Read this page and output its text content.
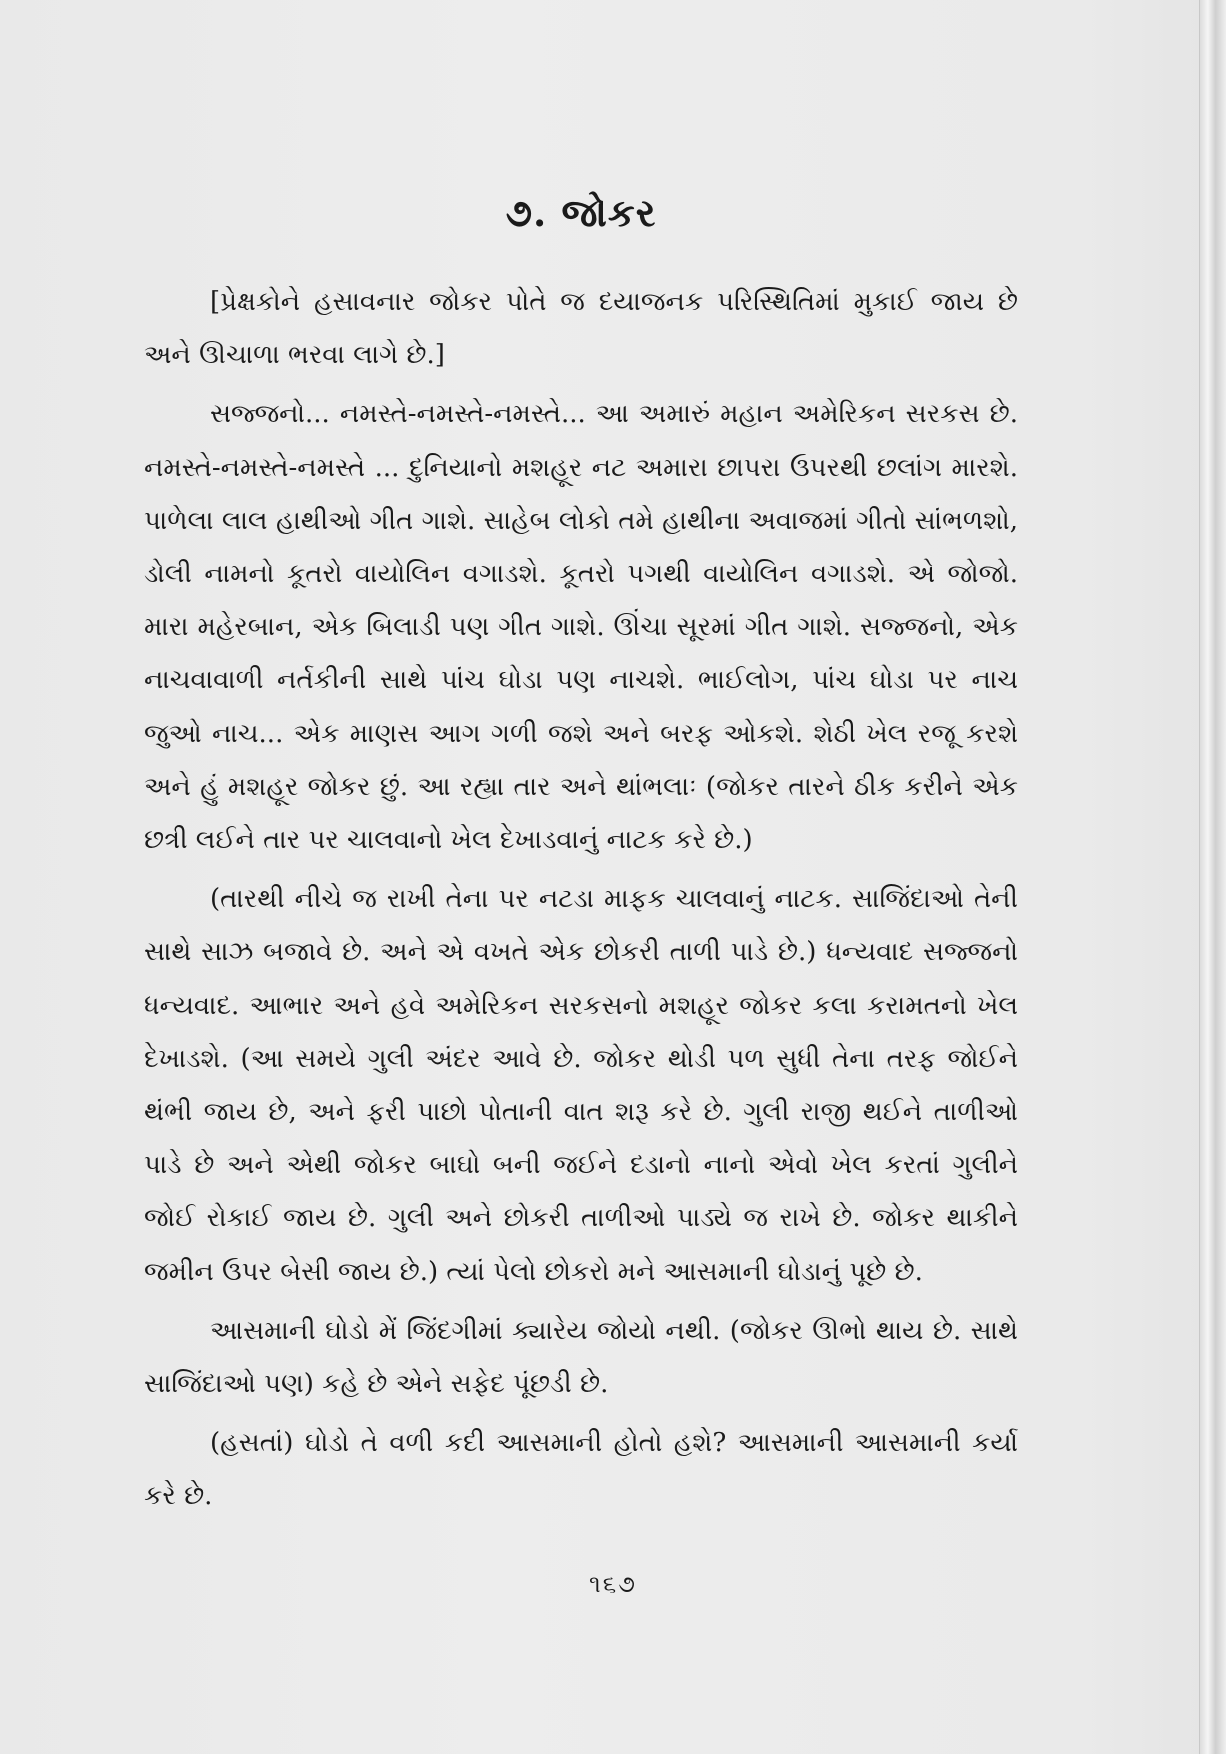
૭. જોકર

[પ્રેક્ષકોને હસાવનાર જોકર પોતે જ દયાજનક પરિસ્થિતિમાં મુકાઈ જાય છે અને ઊચાળા ભરવા લાગે છે.]

સજ્જનો... નમસ્તે-નમસ્તે-નમસ્તે... આ અમારું મહાન અમેરિકન સરકસ છે. નમસ્તે-નમસ્તે-નમસ્તે ... દુનિયાનો મશહૂર નટ અમારા છાપરા ઉપરથી છલાંગ મારશે. પાળેલા લાલ હાથીઓ ગીત ગાશે. સાહેબ લોકો તમે હાથીના અવાજમાં ગીતો સાંભળશો, ડોલી નામનો કૂતરો વાયોલિન વગાડશે. કૂતરો પગથી વાયોલિન વગાડશે. એ જોજો. મારા મહેરબાન, એક બિલાડી પણ ગીત ગાશે. ઊંચા સૂરમાં ગીત ગાશે. સજ્જનો, એક નાચવાવાળી નર્તકીની સાથે પાંચ ઘોડા પણ નાચશે. ભાઈલોગ, પાંચ ઘોડા પર નાચ જુઓ નાચ... એક માણસ આગ ગળી જશે અને બરફ ઓકશે. શેઠી ખેલ રજૂ કરશે અને હું મશહૂર જોકર છું. આ રહ્યા તાર અને થાંભલાઃ (જોકર તારને ઠીક કરીને એક છત્રી લઈને તાર પર ચાલવાનો ખેલ દેખાડવાનું નાટક કરે છે.)

(તારથી નીચે જ રાખી તેના પર નટડા માફક ચાલવાનું નાટક. સાજિંદાઓ તેની સાથે સાઝ બજાવે છે. અને એ વખતે એક છોકરી તાળી પાડે છે.) ધન્યવાદ સજ્જનો ધન્યવાદ. આભાર અને હવે અમેરિકન સરકસનો મશહૂર જોકર કલા કરામતનો ખેલ દેખાડશે. (આ સમયે ગુલી અંદર આવે છે. જોકર થોડી પળ સુધી તેના તરફ જોઈને થંભી જાય છે, અને ફરી પાછો પોતાની વાત શરૂ કરે છે. ગુલી રાજી થઈને તાળીઓ પાડે છે અને એથી જોકર બાઘો બની જઈને દડાનો નાનો એવો ખેલ કરતાં ગુલીને જોઈ રોકાઈ જાય છે. ગુલી અને છોકરી તાળીઓ પાડ્યે જ રાખે છે. જોકર થાકીને જમીન ઉપર બેસી જાય છે.) ત્યાં પેલો છોકરો મને આસમાની ઘોડાનું પૂછે છે.

આસમાની ઘોડો મેં જિંદગીમાં ક્યારેય જોયો નથી. (જોકર ઊભો થાય છે. સાથે સાજિંદાઓ પણ) કહે છે એને સફેદ પૂંછડી છે.

(હસતાં) ઘોડો તે વળી કદી આસમાની હોતો હશે? આસમાની આસમાની કર્યા કરે છે.

૧૬૭
